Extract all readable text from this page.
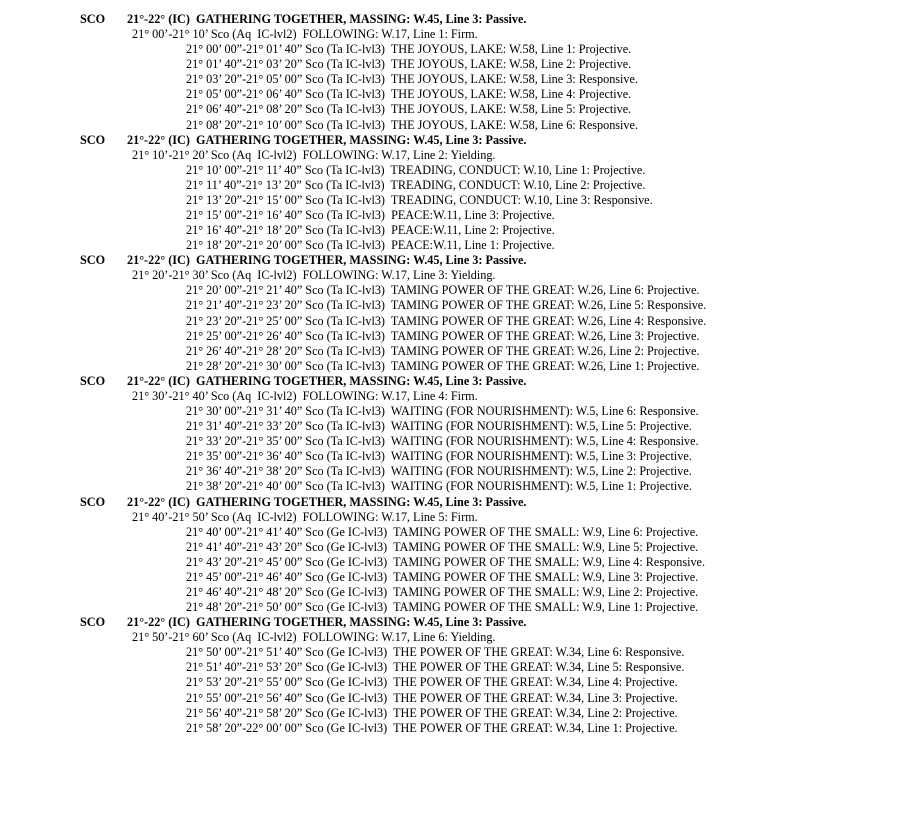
SCO 21°-22° (IC)  GATHERING TOGETHER, MASSING: W.45, Line 3: Passive.
21° 00’-21° 10’ Sco (Aq  IC-lvl2)  FOLLOWING: W.17, Line 1: Firm.
21° 00’ 00”-21° 01’ 40” Sco (Ta IC-lvl3)  THE JOYOUS, LAKE: W.58, Line 1: Projective.
21° 01’ 40”-21° 03’ 20” Sco (Ta IC-lvl3)  THE JOYOUS, LAKE: W.58, Line 2: Projective.
21° 03’ 20”-21° 05’ 00” Sco (Ta IC-lvl3)  THE JOYOUS, LAKE: W.58, Line 3: Responsive.
21° 05’ 00”-21° 06’ 40” Sco (Ta IC-lvl3)  THE JOYOUS, LAKE: W.58, Line 4: Projective.
21° 06’ 40”-21° 08’ 20” Sco (Ta IC-lvl3)  THE JOYOUS, LAKE: W.58, Line 5: Projective.
21° 08’ 20”-21° 10’ 00” Sco (Ta IC-lvl3)  THE JOYOUS, LAKE: W.58, Line 6: Responsive.
SCO 21°-22° (IC)  GATHERING TOGETHER, MASSING: W.45, Line 3: Passive.
21° 10’-21° 20’ Sco (Aq  IC-lvl2)  FOLLOWING: W.17, Line 2: Yielding.
21° 10’ 00”-21° 11’ 40” Sco (Ta IC-lvl3)  TREADING, CONDUCT: W.10, Line 1: Projective.
21° 11’ 40”-21° 13’ 20” Sco (Ta IC-lvl3)  TREADING, CONDUCT: W.10, Line 2: Projective.
21° 13’ 20”-21° 15’ 00” Sco (Ta IC-lvl3)  TREADING, CONDUCT: W.10, Line 3: Responsive.
21° 15’ 00”-21° 16’ 40” Sco (Ta IC-lvl3)  PEACE:W.11, Line 3: Projective.
21° 16’ 40”-21° 18’ 20” Sco (Ta IC-lvl3)  PEACE:W.11, Line 2: Projective.
21° 18’ 20”-21° 20’ 00” Sco (Ta IC-lvl3)  PEACE:W.11, Line 1: Projective.
SCO 21°-22° (IC)  GATHERING TOGETHER, MASSING: W.45, Line 3: Passive.
21° 20’-21° 30’ Sco (Aq  IC-lvl2)  FOLLOWING: W.17, Line 3: Yielding.
21° 20’ 00”-21° 21’ 40” Sco (Ta IC-lvl3)  TAMING POWER OF THE GREAT: W.26, Line 6: Projective.
21° 21’ 40”-21° 23’ 20” Sco (Ta IC-lvl3)  TAMING POWER OF THE GREAT: W.26, Line 5: Responsive.
21° 23’ 20”-21° 25’ 00” Sco (Ta IC-lvl3)  TAMING POWER OF THE GREAT: W.26, Line 4: Responsive.
21° 25’ 00”-21° 26’ 40” Sco (Ta IC-lvl3)  TAMING POWER OF THE GREAT: W.26, Line 3: Projective.
21° 26’ 40”-21° 28’ 20” Sco (Ta IC-lvl3)  TAMING POWER OF THE GREAT: W.26, Line 2: Projective.
21° 28’ 20”-21° 30’ 00” Sco (Ta IC-lvl3)  TAMING POWER OF THE GREAT: W.26, Line 1: Projective.
SCO 21°-22° (IC)  GATHERING TOGETHER, MASSING: W.45, Line 3: Passive.
21° 30’-21° 40’ Sco (Aq  IC-lvl2)  FOLLOWING: W.17, Line 4: Firm.
21° 30’ 00”-21° 31’ 40” Sco (Ta IC-lvl3)  WAITING (FOR NOURISHMENT): W.5, Line 6: Responsive.
21° 31’ 40”-21° 33’ 20” Sco (Ta IC-lvl3)  WAITING (FOR NOURISHMENT): W.5, Line 5: Projective.
21° 33’ 20”-21° 35’ 00” Sco (Ta IC-lvl3)  WAITING (FOR NOURISHMENT): W.5, Line 4: Responsive.
21° 35’ 00”-21° 36’ 40” Sco (Ta IC-lvl3)  WAITING (FOR NOURISHMENT): W.5, Line 3: Projective.
21° 36’ 40”-21° 38’ 20” Sco (Ta IC-lvl3)  WAITING (FOR NOURISHMENT): W.5, Line 2: Projective.
21° 38’ 20”-21° 40’ 00” Sco (Ta IC-lvl3)  WAITING (FOR NOURISHMENT): W.5, Line 1: Projective.
SCO 21°-22° (IC)  GATHERING TOGETHER, MASSING: W.45, Line 3: Passive.
21° 40’-21° 50’ Sco (Aq  IC-lvl2)  FOLLOWING: W.17, Line 5: Firm.
21° 40’ 00”-21° 41’ 40” Sco (Ge IC-lvl3)  TAMING POWER OF THE SMALL: W.9, Line 6: Projective.
21° 41’ 40”-21° 43’ 20” Sco (Ge IC-lvl3)  TAMING POWER OF THE SMALL: W.9, Line 5: Projective.
21° 43’ 20”-21° 45’ 00” Sco (Ge IC-lvl3)  TAMING POWER OF THE SMALL: W.9, Line 4: Responsive.
21° 45’ 00”-21° 46’ 40” Sco (Ge IC-lvl3)  TAMING POWER OF THE SMALL: W.9, Line 3: Projective.
21° 46’ 40”-21° 48’ 20” Sco (Ge IC-lvl3)  TAMING POWER OF THE SMALL: W.9, Line 2: Projective.
21° 48’ 20”-21° 50’ 00” Sco (Ge IC-lvl3)  TAMING POWER OF THE SMALL: W.9, Line 1: Projective.
SCO 21°-22° (IC)  GATHERING TOGETHER, MASSING: W.45, Line 3: Passive.
21° 50’-21° 60’ Sco (Aq  IC-lvl2)  FOLLOWING: W.17, Line 6: Yielding.
21° 50’ 00”-21° 51’ 40” Sco (Ge IC-lvl3)  THE POWER OF THE GREAT: W.34, Line 6: Responsive.
21° 51’ 40”-21° 53’ 20” Sco (Ge IC-lvl3)  THE POWER OF THE GREAT: W.34, Line 5: Responsive.
21° 53’ 20”-21° 55’ 00” Sco (Ge IC-lvl3)  THE POWER OF THE GREAT: W.34, Line 4: Projective.
21° 55’ 00”-21° 56’ 40” Sco (Ge IC-lvl3)  THE POWER OF THE GREAT: W.34, Line 3: Projective.
21° 56’ 40”-21° 58’ 20” Sco (Ge IC-lvl3)  THE POWER OF THE GREAT: W.34, Line 2: Projective.
21° 58’ 20”-22° 00’ 00” Sco (Ge IC-lvl3)  THE POWER OF THE GREAT: W.34, Line 1: Projective.
